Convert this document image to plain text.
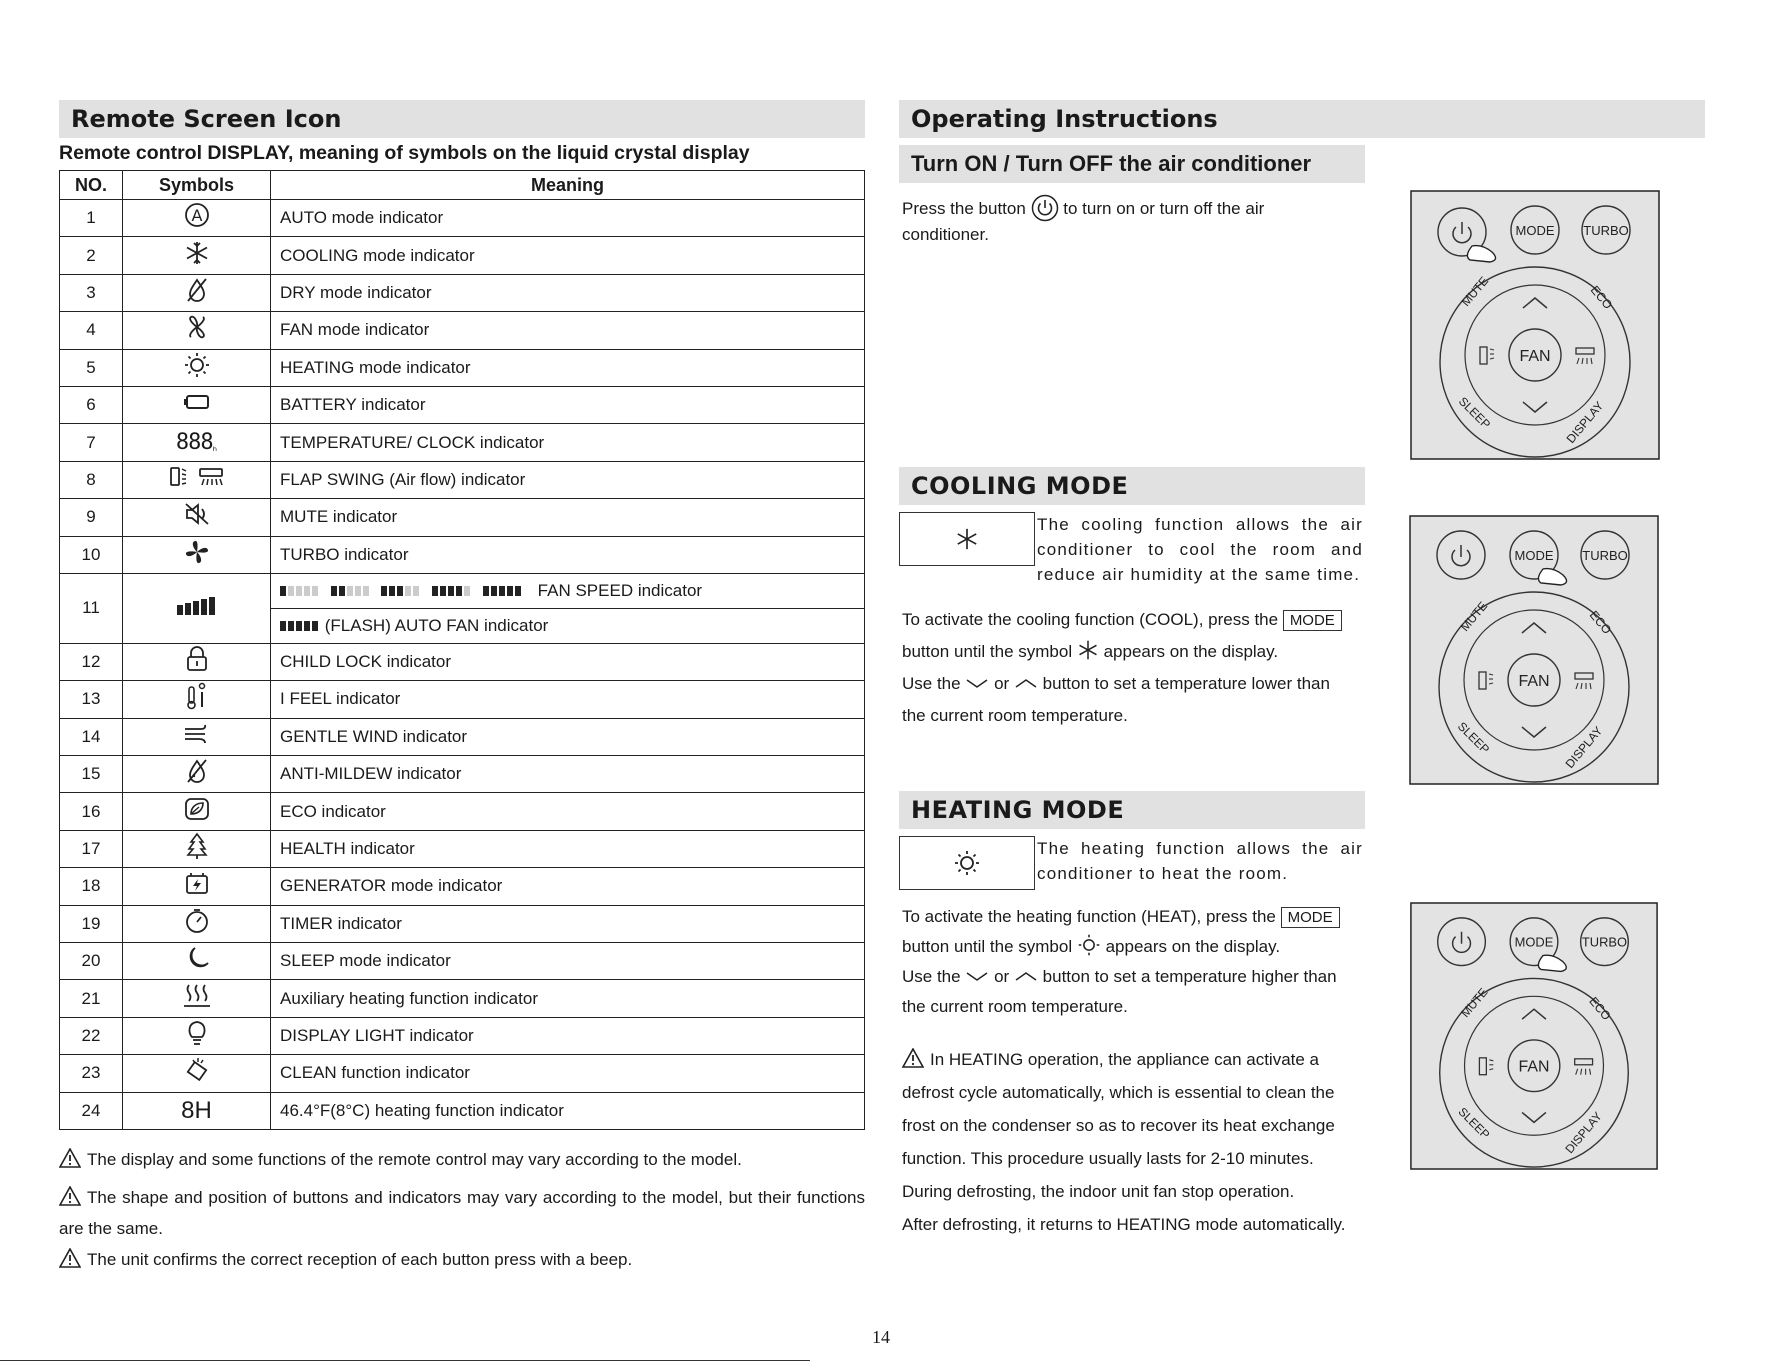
Remote Screen Icon
Remote control DISPLAY, meaning of symbols on the liquid crystal display
NO.	Symbols	Meaning
1	A	AUTO mode indicator
2		COOLING mode indicator
3		DRY mode indicator
4		FAN mode indicator
5		HEATING mode indicator
6		BATTERY indicator
7	888ₕ	TEMPERATURE/ CLOCK indicator
8		FLAP SWING (Air flow) indicator
9		MUTE indicator
10		TURBO indicator
11		FAN SPEED indicator
		(FLASH) AUTO FAN indicator
12		CHILD LOCK indicator
13		I FEEL indicator
14		GENTLE WIND indicator
15		ANTI-MILDEW indicator
16		ECO indicator
17		HEALTH indicator
18		GENERATOR mode indicator
19		TIMER indicator
20		SLEEP mode indicator
21		Auxiliary heating function indicator
22		DISPLAY LIGHT indicator
23		CLEAN function indicator
24	8H	46.4°F(8°C) heating function indicator
The display and some functions of the remote control may vary according to the model.
The shape and position of buttons and indicators may vary according to the model, but their functions are the same.
The unit confirms the correct reception of each button press with a beep.
Operating Instructions
Turn ON / Turn OFF the air conditioner
Press the button to turn on or turn off the air
conditioner.
COOLING MODE
The cooling function allows the air conditioner to cool the room and reduce air humidity at the same time.
To activate the cooling function (COOL), press the MODE
button until the symbol appears on the display.
Use the or button to set a temperature lower than
the current room temperature.
HEATING MODE
The heating function allows the air conditioner to heat the room.
To activate the heating function (HEAT), press the MODE
button until the symbol appears on the display.
Use the or button to set a temperature higher than
the current room temperature.
In HEATING operation, the appliance can activate a
defrost cycle automatically, which is essential to clean the
frost on the condenser so as to recover its heat exchange
function. This procedure usually lasts for 2-10 minutes.
During defrosting, the indoor unit fan stop operation.
After defrosting, it returns to HEATING mode automatically.
MODE TURBO
FAN
MUTE	ECO
SLEEP	DISPLAY
MODE TURBO
FAN
MUTE	ECO
SLEEP	DISPLAY
MODE TURBO
FAN
MUTE	ECO
SLEEP	DISPLAY
14
